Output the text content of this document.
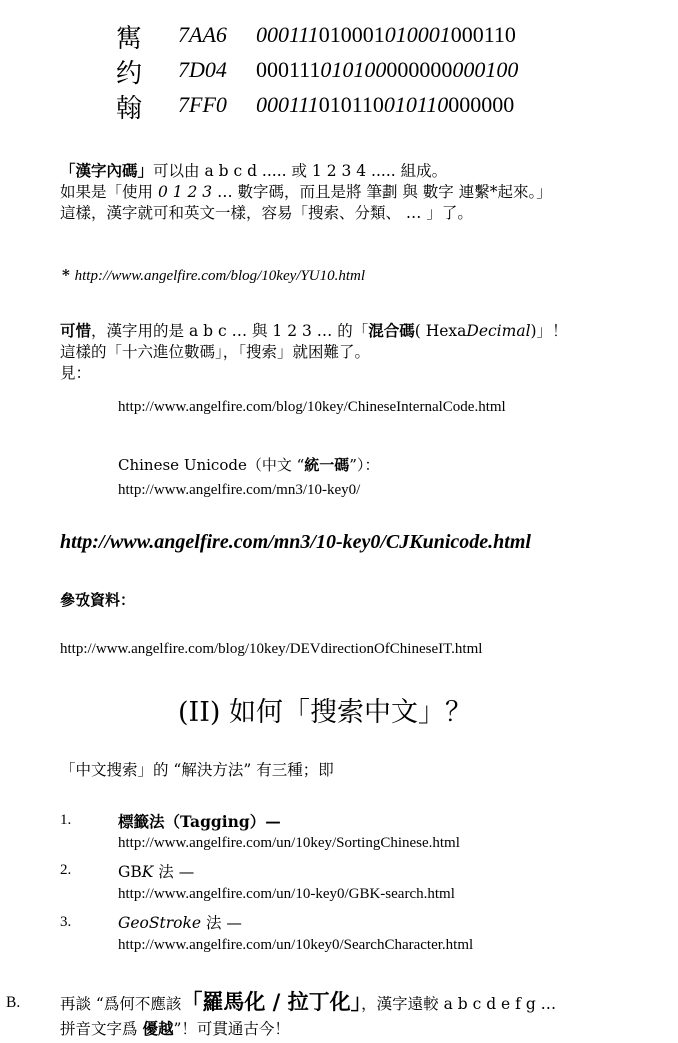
寯 7AA6 000111010001010001000110
约 7D04 000111010100000000000100
翰 7FF0 000111010110010110000000
「漢字內碼」可以由 a b c d ..... 或 1 2 3 4 ..... 組成。
如果是「使用 0 1 2 3 … 數字碼，而且是將 筆劃 與 數字 連繫*起來。」
這樣，漢字就可和英文一樣，容易「搜索、分類、 … 」了。
* http://www.angelfire.com/blog/10key/YU10.html
可惜，漢字用的是 a b c … 與 1 2 3 … 的「混合碼( HexaDecimal)」！
這樣的「十六進位數碼」，「搜索」就困難了。
見：
http://www.angelfire.com/blog/10key/ChineseInternalCode.html
Chinese Unicode（中文 “統一碼”）：
http://www.angelfire.com/mn3/10-key0/
http://www.angelfire.com/mn3/10-key0/CJKunicode.html
參攷資料：
http://www.angelfire.com/blog/10key/DEVdirectionOfChineseIT.html
(II) 如何「搜索中文」？
「中文搜索」的 “解決方法” 有三種；即
1.	標籤法（Tagging）—
http://www.angelfire.com/un/10key/SortingChinese.html
2.	GBK 法 —
http://www.angelfire.com/un/10-key0/GBK-search.html
3.	GeoStroke 法 —
http://www.angelfire.com/un/10key0/SearchCharacter.html
B.	再談 “爲何不應該「羅馬化 / 拉丁化」，漢字遠較 a b c d e f g …
拼音文字爲 優越”！可貫通古今！
